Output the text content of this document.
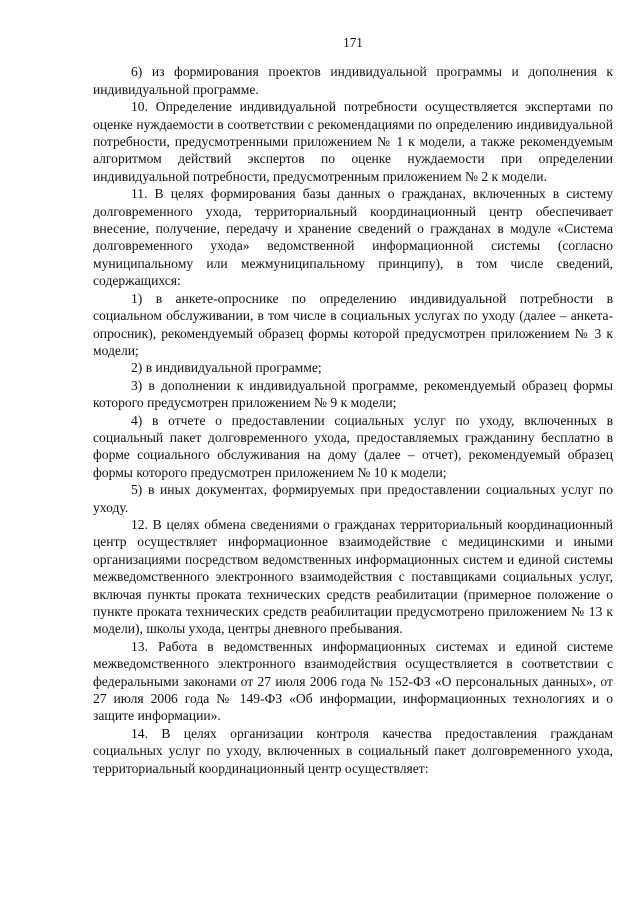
171

6) из формирования проектов индивидуальной программы и дополнения к индивидуальной программе.

10. Определение индивидуальной потребности осуществляется экспертами по оценке нуждаемости в соответствии с рекомендациями по определению индивидуальной потребности, предусмотренными приложением № 1 к модели, а также рекомендуемым алгоритмом действий экспертов по оценке нуждаемости при определении индивидуальной потребности, предусмотренным приложением № 2 к модели.

11. В целях формирования базы данных о гражданах, включенных в систему долговременного ухода, территориальный координационный центр обеспечивает внесение, получение, передачу и хранение сведений о гражданах в модуле «Система долговременного ухода» ведомственной информационной системы (согласно муниципальному или межмуниципальному принципу), в том числе сведений, содержащихся:

1) в анкете-опроснике по определению индивидуальной потребности в социальном обслуживании, в том числе в социальных услугах по уходу (далее – анкета-опросник), рекомендуемый образец формы которой предусмотрен приложением № 3 к модели;

2) в индивидуальной программе;

3) в дополнении к индивидуальной программе, рекомендуемый образец формы которого предусмотрен приложением № 9 к модели;

4) в отчете о предоставлении социальных услуг по уходу, включенных в социальный пакет долговременного ухода, предоставляемых гражданину бесплатно в форме социального обслуживания на дому (далее – отчет), рекомендуемый образец формы которого предусмотрен приложением № 10 к модели;

5) в иных документах, формируемых при предоставлении социальных услуг по уходу.

12. В целях обмена сведениями о гражданах территориальный координационный центр осуществляет информационное взаимодействие с медицинскими и иными организациями посредством ведомственных информационных систем и единой системы межведомственного электронного взаимодействия с поставщиками социальных услуг, включая пункты проката технических средств реабилитации (примерное положение о пункте проката технических средств реабилитации предусмотрено приложением № 13 к модели), школы ухода, центры дневного пребывания.

13. Работа в ведомственных информационных системах и единой системе межведомственного электронного взаимодействия осуществляется в соответствии с федеральными законами от 27 июля 2006 года № 152-ФЗ «О персональных данных», от 27 июля 2006 года № 149-ФЗ «Об информации, информационных технологиях и о защите информации».

14. В целях организации контроля качества предоставления гражданам социальных услуг по уходу, включенных в социальный пакет долговременного ухода, территориальный координационный центр осуществляет:
